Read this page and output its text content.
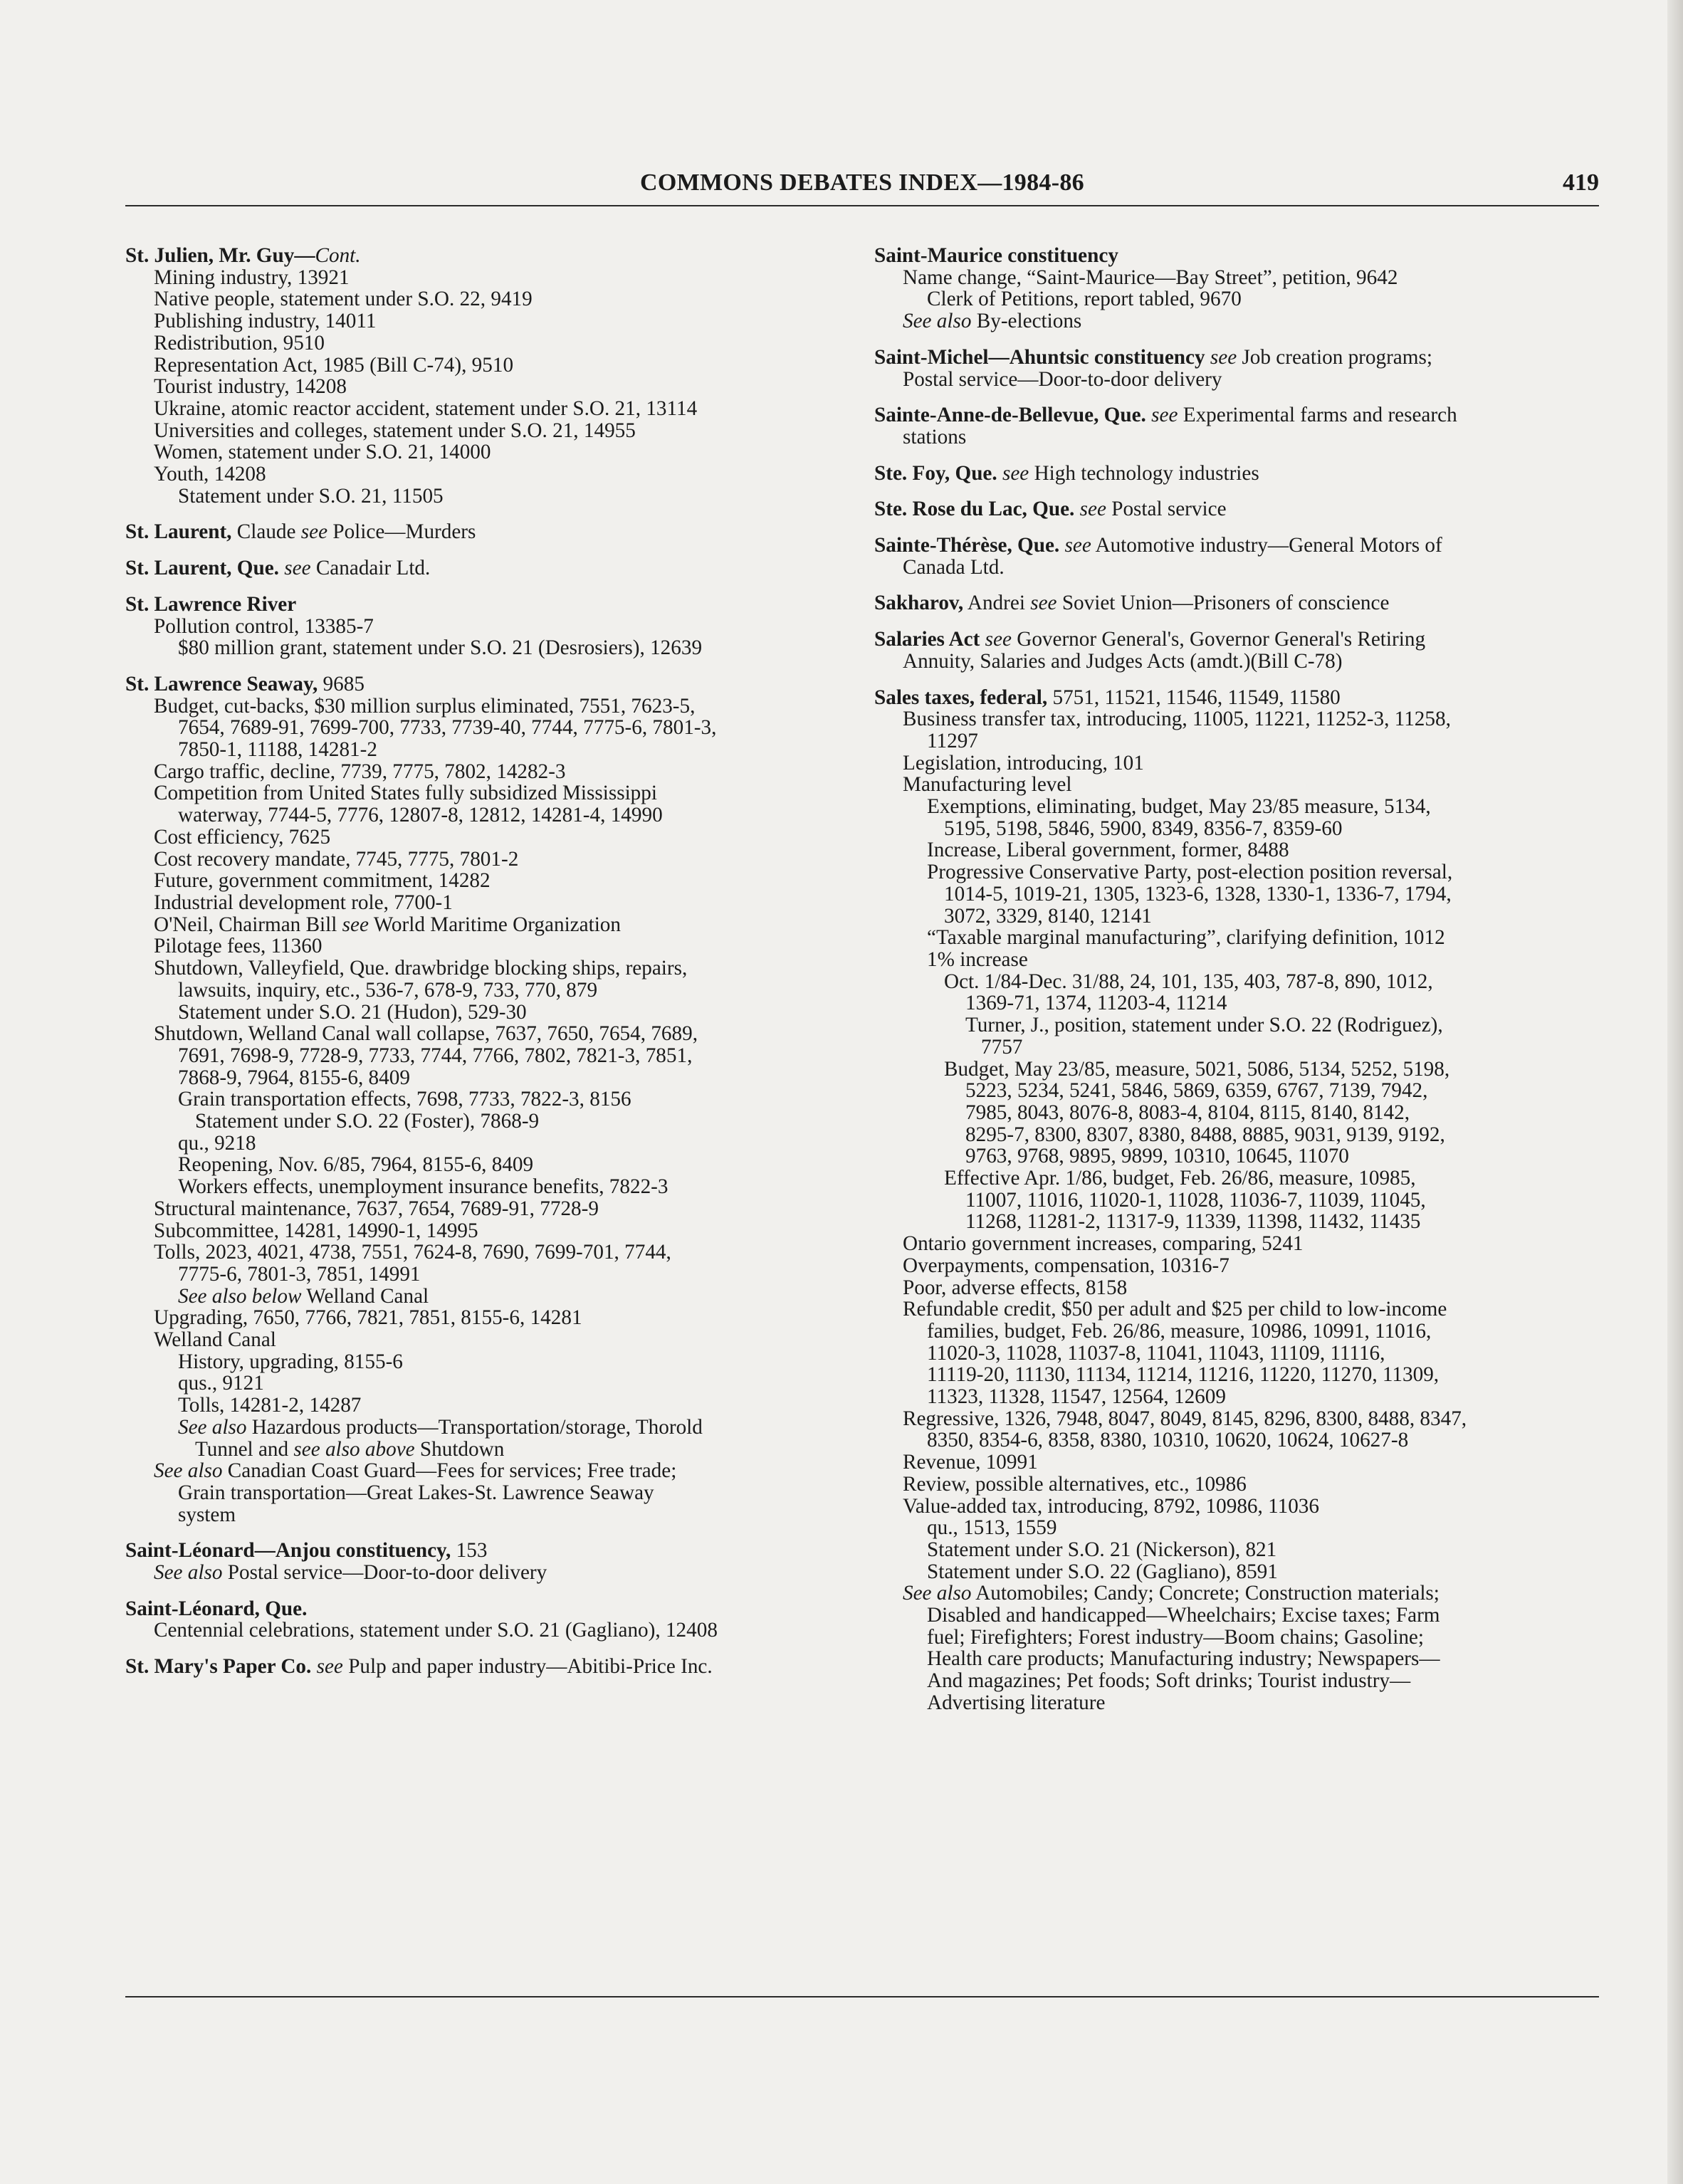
COMMONS DEBATES INDEX—1984-86	419
St. Julien, Mr. Guy—Cont.
Mining industry, 13921
Native people, statement under S.O. 22, 9419
Publishing industry, 14011
Redistribution, 9510
Representation Act, 1985 (Bill C-74), 9510
Tourist industry, 14208
Ukraine, atomic reactor accident, statement under S.O. 21, 13114
Universities and colleges, statement under S.O. 21, 14955
Women, statement under S.O. 21, 14000
Youth, 14208
Statement under S.O. 21, 11505
St. Laurent, Claude see Police—Murders
St. Laurent, Que. see Canadair Ltd.
St. Lawrence River
Pollution control, 13385-7
$80 million grant, statement under S.O. 21 (Desrosiers), 12639
St. Lawrence Seaway, 9685
Budget, cut-backs, $30 million surplus eliminated, 7551, 7623-5,
7654, 7689-91, 7699-700, 7733, 7739-40, 7744, 7775-6, 7801-3,
7850-1, 11188, 14281-2
Cargo traffic, decline, 7739, 7775, 7802, 14282-3
Competition from United States fully subsidized Mississippi
waterway, 7744-5, 7776, 12807-8, 12812, 14281-4, 14990
Cost efficiency, 7625
Cost recovery mandate, 7745, 7775, 7801-2
Future, government commitment, 14282
Industrial development role, 7700-1
O'Neil, Chairman Bill see World Maritime Organization
Pilotage fees, 11360
Shutdown, Valleyfield, Que. drawbridge blocking ships, repairs,
lawsuits, inquiry, etc., 536-7, 678-9, 733, 770, 879
Statement under S.O. 21 (Hudon), 529-30
Shutdown, Welland Canal wall collapse, 7637, 7650, 7654, 7689,
7691, 7698-9, 7728-9, 7733, 7744, 7766, 7802, 7821-3, 7851,
7868-9, 7964, 8155-6, 8409
Grain transportation effects, 7698, 7733, 7822-3, 8156
Statement under S.O. 22 (Foster), 7868-9
qu., 9218
Reopening, Nov. 6/85, 7964, 8155-6, 8409
Workers effects, unemployment insurance benefits, 7822-3
Structural maintenance, 7637, 7654, 7689-91, 7728-9
Subcommittee, 14281, 14990-1, 14995
Tolls, 2023, 4021, 4738, 7551, 7624-8, 7690, 7699-701, 7744,
7775-6, 7801-3, 7851, 14991
See also below Welland Canal
Upgrading, 7650, 7766, 7821, 7851, 8155-6, 14281
Welland Canal
History, upgrading, 8155-6
qus., 9121
Tolls, 14281-2, 14287
See also Hazardous products—Transportation/storage, Thorold
Tunnel and see also above Shutdown
See also Canadian Coast Guard—Fees for services; Free trade;
Grain transportation—Great Lakes-St. Lawrence Seaway
system
Saint-Léonard—Anjou constituency, 153
See also Postal service—Door-to-door delivery
Saint-Léonard, Que.
Centennial celebrations, statement under S.O. 21 (Gagliano), 12408
St. Mary's Paper Co. see Pulp and paper industry—Abitibi-Price Inc.
Saint-Maurice constituency
Name change, “Saint-Maurice—Bay Street”, petition, 9642
Clerk of Petitions, report tabled, 9670
See also By-elections
Saint-Michel—Ahuntsic constituency see Job creation programs;
Postal service—Door-to-door delivery
Sainte-Anne-de-Bellevue, Que. see Experimental farms and research
stations
Ste. Foy, Que. see High technology industries
Ste. Rose du Lac, Que. see Postal service
Sainte-Thérèse, Que. see Automotive industry—General Motors of
Canada Ltd.
Sakharov, Andrei see Soviet Union—Prisoners of conscience
Salaries Act see Governor General's, Governor General's Retiring
Annuity, Salaries and Judges Acts (amdt.)(Bill C-78)
Sales taxes, federal, 5751, 11521, 11546, 11549, 11580
Business transfer tax, introducing, 11005, 11221, 11252-3, 11258,
11297
Legislation, introducing, 101
Manufacturing level
Exemptions, eliminating, budget, May 23/85 measure, 5134,
5195, 5198, 5846, 5900, 8349, 8356-7, 8359-60
Increase, Liberal government, former, 8488
Progressive Conservative Party, post-election position reversal,
1014-5, 1019-21, 1305, 1323-6, 1328, 1330-1, 1336-7, 1794,
3072, 3329, 8140, 12141
“Taxable marginal manufacturing”, clarifying definition, 1012
1% increase
Oct. 1/84-Dec. 31/88, 24, 101, 135, 403, 787-8, 890, 1012,
1369-71, 1374, 11203-4, 11214
Turner, J., position, statement under S.O. 22 (Rodriguez),
7757
Budget, May 23/85, measure, 5021, 5086, 5134, 5252, 5198,
5223, 5234, 5241, 5846, 5869, 6359, 6767, 7139, 7942,
7985, 8043, 8076-8, 8083-4, 8104, 8115, 8140, 8142,
8295-7, 8300, 8307, 8380, 8488, 8885, 9031, 9139, 9192,
9763, 9768, 9895, 9899, 10310, 10645, 11070
Effective Apr. 1/86, budget, Feb. 26/86, measure, 10985,
11007, 11016, 11020-1, 11028, 11036-7, 11039, 11045,
11268, 11281-2, 11317-9, 11339, 11398, 11432, 11435
Ontario government increases, comparing, 5241
Overpayments, compensation, 10316-7
Poor, adverse effects, 8158
Refundable credit, $50 per adult and $25 per child to low-income
families, budget, Feb. 26/86, measure, 10986, 10991, 11016,
11020-3, 11028, 11037-8, 11041, 11043, 11109, 11116,
11119-20, 11130, 11134, 11214, 11216, 11220, 11270, 11309,
11323, 11328, 11547, 12564, 12609
Regressive, 1326, 7948, 8047, 8049, 8145, 8296, 8300, 8488, 8347,
8350, 8354-6, 8358, 8380, 10310, 10620, 10624, 10627-8
Revenue, 10991
Review, possible alternatives, etc., 10986
Value-added tax, introducing, 8792, 10986, 11036
qu., 1513, 1559
Statement under S.O. 21 (Nickerson), 821
Statement under S.O. 22 (Gagliano), 8591
See also Automobiles; Candy; Concrete; Construction materials;
Disabled and handicapped—Wheelchairs; Excise taxes; Farm
fuel; Firefighters; Forest industry—Boom chains; Gasoline;
Health care products; Manufacturing industry; Newspapers—
And magazines; Pet foods; Soft drinks; Tourist industry—
Advertising literature
